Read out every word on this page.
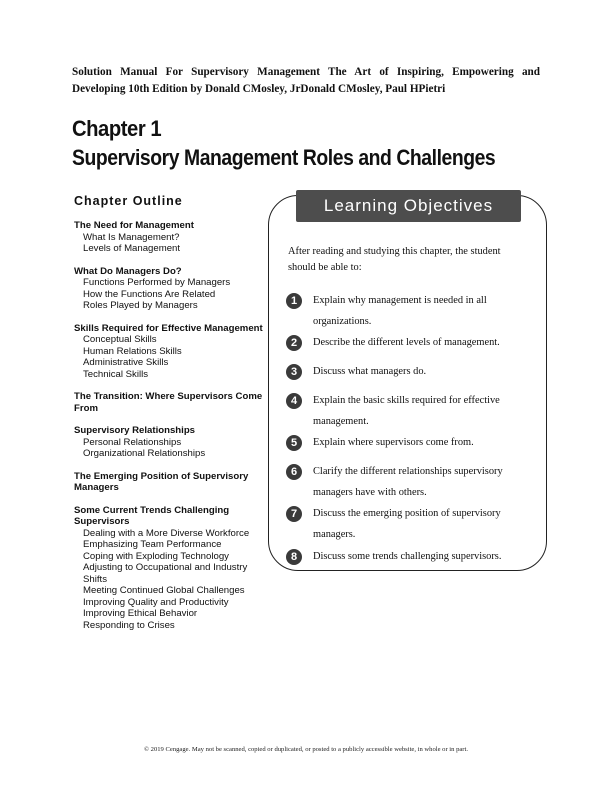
Solution Manual For Supervisory Management The Art of Inspiring, Empowering and Developing 10th Edition by Donald CMosley, JrDonald CMosley, Paul HPietri
Chapter 1
Supervisory Management Roles and Challenges
Chapter Outline
The Need for Management
What Is Management?
Levels of Management
What Do Managers Do?
Functions Performed by Managers
How the Functions Are Related
Roles Played by Managers
Skills Required for Effective Management
Conceptual Skills
Human Relations Skills
Administrative Skills
Technical Skills
The Transition: Where Supervisors Come From
Supervisory Relationships
Personal Relationships
Organizational Relationships
The Emerging Position of Supervisory Managers
Some Current Trends Challenging Supervisors
Dealing with a More Diverse Workforce
Emphasizing Team Performance
Coping with Exploding Technology
Adjusting to Occupational and Industry Shifts
Meeting Continued Global Challenges
Improving Quality and Productivity
Improving Ethical Behavior
Responding to Crises
Learning Objectives
After reading and studying this chapter, the student should be able to:
1	Explain why management is needed in all organizations.
2	Describe the different levels of management.
3	Discuss what managers do.
4	Explain the basic skills required for effective management.
5	Explain where supervisors come from.
6	Clarify the different relationships supervisory managers have with others.
7	Discuss the emerging position of supervisory managers.
8	Discuss some trends challenging supervisors.
© 2019 Cengage. May not be scanned, copied or duplicated, or posted to a publicly accessible website, in whole or in part.
